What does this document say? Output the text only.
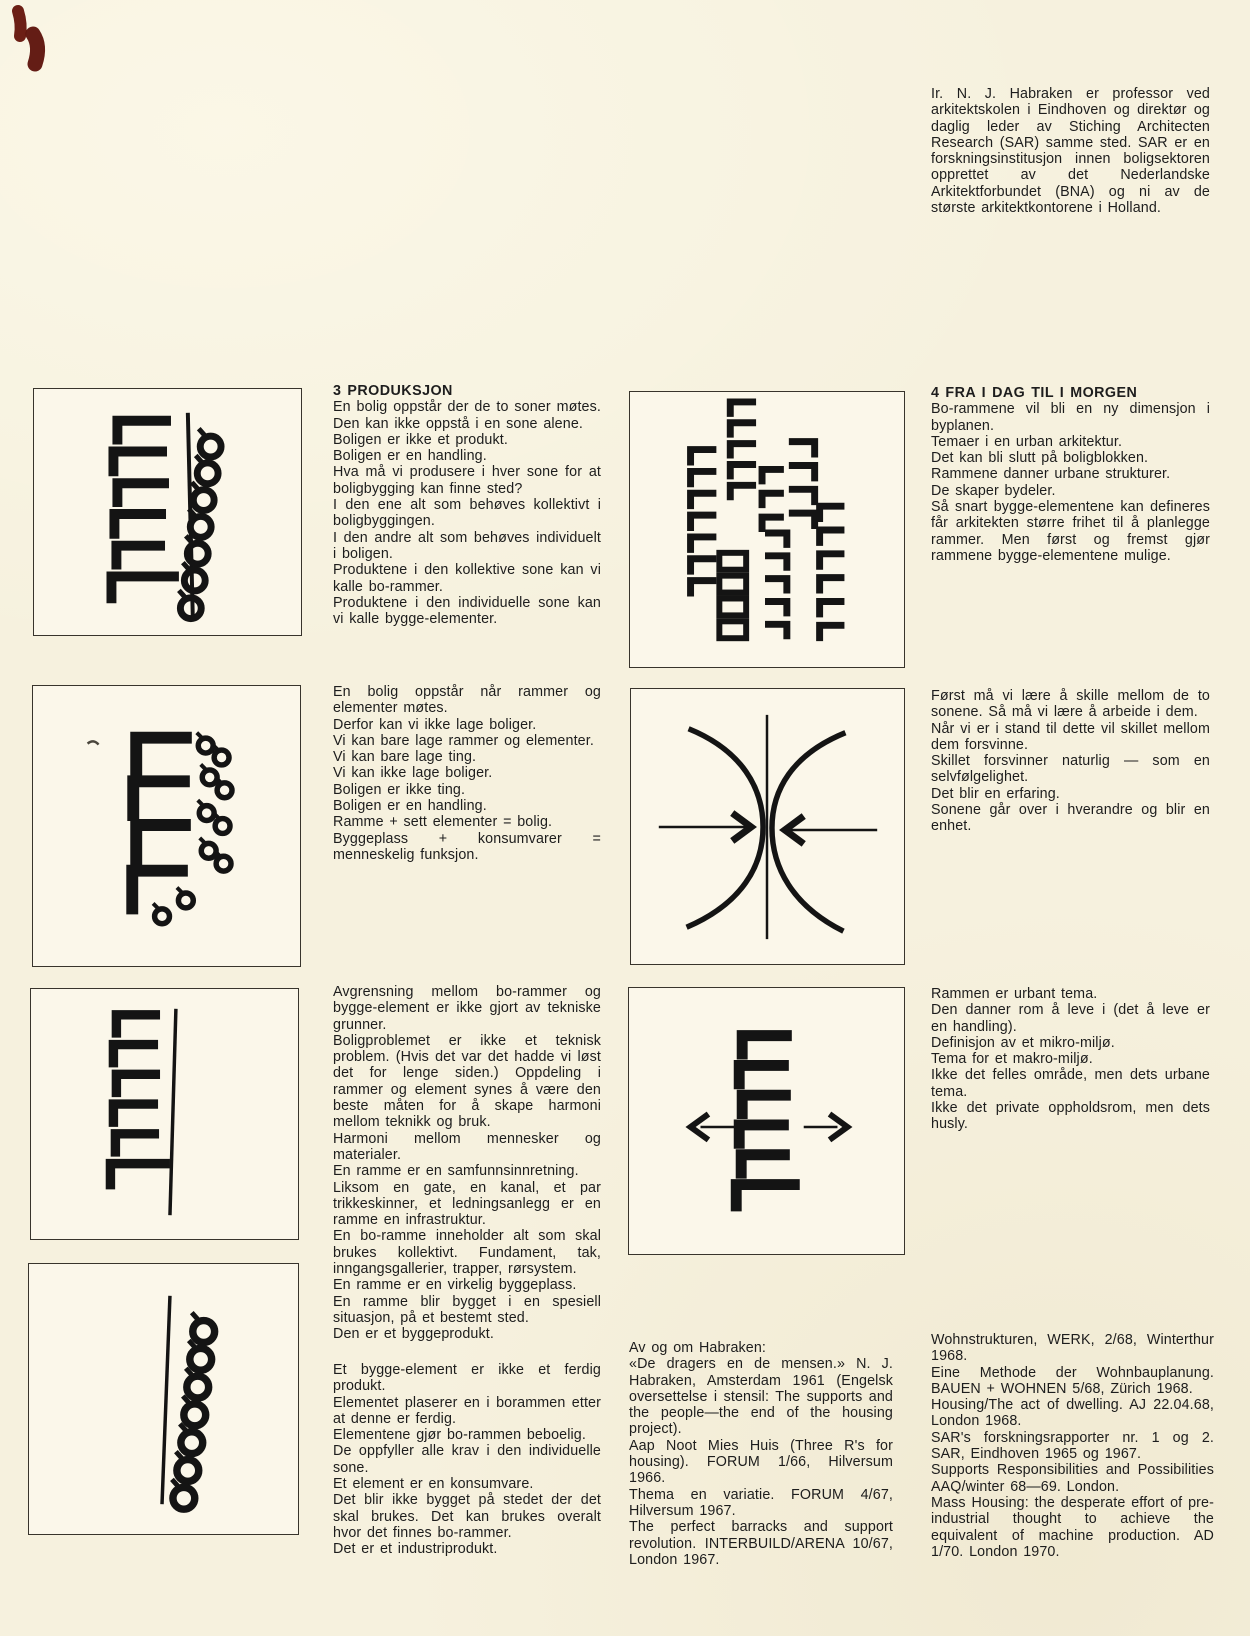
Ir. N. J. Habraken er professor ved arkitektskolen i Eindhoven og direktør og daglig leder av Stiching Architecten Research (SAR) samme sted. SAR er en forskningsinstitusjon innen boligsektoren opprettet av det Nederlandske Arkitektforbundet (BNA) og ni av de største arkitektkontorene i Holland.

3 PRODUKSJON

En bolig oppstår der de to soner møtes. Den kan ikke oppstå i en sone alene.

Boligen er ikke et produkt.

Boligen er en handling.

Hva må vi produsere i hver sone for at boligbygging kan finne sted?

I den ene alt som behøves kollektivt i boligbyggingen.

I den andre alt som behøves individuelt i boligen.

Produktene i den kollektive sone kan vi kalle bo-rammer.

Produktene i den individuelle sone kan vi kalle bygge-elementer.

En bolig oppstår når rammer og elementer møtes.

Derfor kan vi ikke lage boliger.

Vi kan bare lage rammer og elementer.

Vi kan bare lage ting.

Vi kan ikke lage boliger.

Boligen er ikke ting.

Boligen er en handling.

Ramme + sett elementer = bolig.

Byggeplass + konsumvarer = menneskelig funksjon.

Avgrensning mellom bo-rammer og bygge-element er ikke gjort av tekniske grunner.

Boligproblemet er ikke et teknisk problem. (Hvis det var det hadde vi løst det for lenge siden.) Oppdeling i rammer og element synes å være den beste måten for å skape harmoni mellom teknikk og bruk.

Harmoni mellom mennesker og materialer.

En ramme er en samfunnsinnretning.

Liksom en gate, en kanal, et par trikkeskinner, et ledningsanlegg er en ramme en infrastruktur.

En bo-ramme inneholder alt som skal brukes kollektivt. Fundament, tak, inngangsgallerier, trapper, rørsystem.

En ramme er en virkelig byggeplass.

En ramme blir bygget i en spesiell situasjon, på et bestemt sted.

Den er et byggeprodukt.

Et bygge-element er ikke et ferdig produkt.

Elementet plaserer en i borammen etter at denne er ferdig.

Elementene gjør bo-rammen beboelig.

De oppfyller alle krav i den individuelle sone.

Et element er en konsumvare.

Det blir ikke bygget på stedet der det skal brukes. Det kan brukes overalt hvor det finnes bo-rammer.

Det er et industriprodukt.

4 FRA I DAG TIL I MORGEN

Bo-rammene vil bli en ny dimensjon i byplanen.

Temaer i en urban arkitektur.

Det kan bli slutt på boligblokken.

Rammene danner urbane strukturer.

De skaper bydeler.

Så snart bygge-elementene kan defineres får arkitekten større frihet til å planlegge rammer. Men først og fremst gjør rammene bygge-elementene mulige.

Først må vi lære å skille mellom de to sonene. Så må vi lære å arbeide i dem.

Når vi er i stand til dette vil skillet mellom dem forsvinne.

Skillet forsvinner naturlig — som en selvfølgelighet.

Det blir en erfaring.

Sonene går over i hverandre og blir en enhet.

Rammen er urbant tema.

Den danner rom å leve i (det å leve er en handling).

Definisjon av et mikro-miljø.

Tema for et makro-miljø.

Ikke det felles område, men dets urbane tema.

Ikke det private oppholdsrom, men dets husly.

Av og om Habraken:

«De dragers en de mensen.» N. J. Habraken, Amsterdam 1961 (Engelsk oversettelse i stensil: The supports and the people—the end of the housing project).

Aap Noot Mies Huis (Three R's for housing). FORUM 1/66, Hilversum 1966.

Thema en variatie. FORUM 4/67, Hilversum 1967.

The perfect barracks and support revolution. INTERBUILD/ARENA 10/67, London 1967.

Wohnstrukturen, WERK, 2/68, Winterthur 1968.

Eine Methode der Wohnbauplanung. BAUEN + WOHNEN 5/68, Zürich 1968.

Housing/The act of dwelling. AJ 22.04.68, London 1968.

SAR's forskningsrapporter nr. 1 og 2. SAR, Eindhoven 1965 og 1967.

Supports Responsibilities and Possibilities AAQ/winter 68—69. London.

Mass Housing: the desperate effort of pre-industrial thought to achieve the equivalent of machine production. AD 1/70. London 1970.
